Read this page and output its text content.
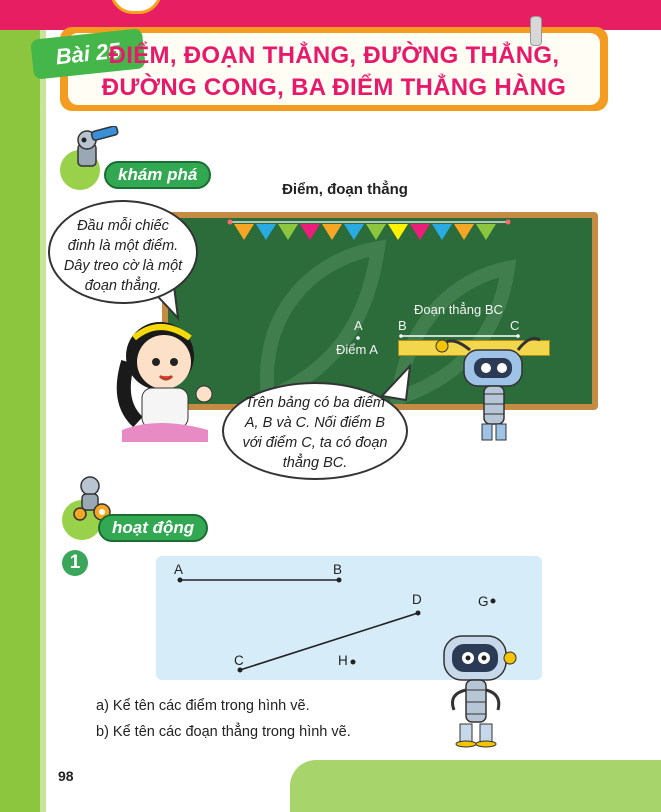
Bài 25
ĐIỂM, ĐOẠN THẲNG, ĐƯỜNG THẲNG,
ĐƯỜNG CONG, BA ĐIỂM THẲNG HÀNG
khám phá
Điểm, đoạn thẳng
A	B	C
Điểm A
Đoạn thẳng BC
Đầu mỗi chiếc
đinh là một điểm.
Dây treo cờ là một
đoạn thẳng.
Trên bảng có ba điểm
A, B và C. Nối điểm B
với điểm C, ta có đoạn
thẳng BC.
hoạt động
1	A	B
D	G
C	H
a) Kể tên các điểm trong hình vẽ.
b) Kể tên các đoạn thẳng trong hình vẽ.
98
